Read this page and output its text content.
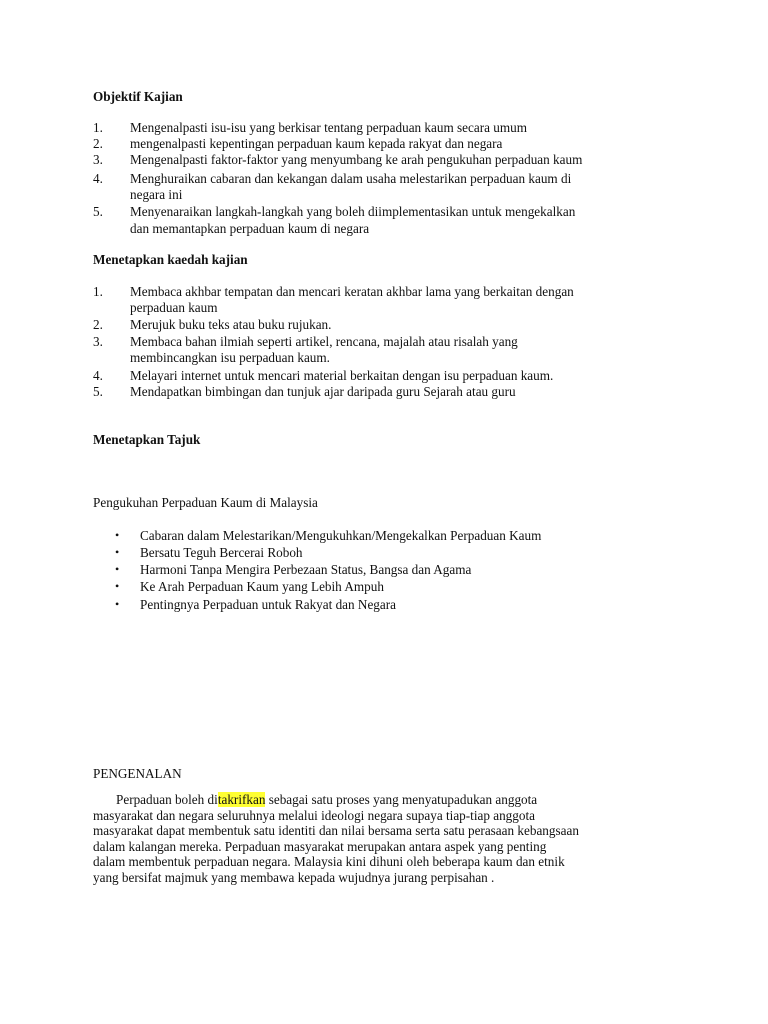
Objektif Kajian
1. Mengenalpasti isu-isu yang berkisar tentang perpaduan kaum secara umum
2. mengenalpasti kepentingan perpaduan kaum kepada rakyat dan negara
3. Mengenalpasti faktor-faktor yang menyumbang ke arah pengukuhan perpaduan kaum
4. Menghuraikan cabaran dan kekangan dalam usaha melestarikan perpaduan kaum di
negara ini
5. Menyenaraikan langkah-langkah yang boleh diimplementasikan untuk mengekalkan
dan memantapkan perpaduan kaum di negara
Menetapkan kaedah kajian
1. Membaca akhbar tempatan dan mencari keratan akhbar lama yang berkaitan dengan
perpaduan kaum
2. Merujuk buku teks atau buku rujukan.
3. Membaca bahan ilmiah seperti artikel, rencana, majalah atau risalah yang
membincangkan isu perpaduan kaum.
4. Melayari internet untuk mencari material berkaitan dengan isu perpaduan kaum.
5. Mendapatkan bimbingan dan tunjuk ajar daripada guru Sejarah atau guru
Menetapkan Tajuk
Pengukuhan Perpaduan Kaum di Malaysia
• Cabaran dalam Melestarikan/Mengukuhkan/Mengekalkan Perpaduan Kaum
• Bersatu Teguh Bercerai Roboh
• Harmoni Tanpa Mengira Perbezaan Status, Bangsa dan Agama
• Ke Arah Perpaduan Kaum yang Lebih Ampuh
• Pentingnya Perpaduan untuk Rakyat dan Negara
PENGENALAN
Perpaduan boleh ditakrifkan sebagai satu proses yang menyatupadukan anggota
masyarakat dan negara seluruhnya melalui ideologi negara supaya tiap-tiap anggota
masyarakat dapat membentuk satu identiti dan nilai bersama serta satu perasaan kebangsaan
dalam kalangan mereka. Perpaduan masyarakat merupakan antara aspek yang penting
dalam membentuk perpaduan negara. Malaysia kini dihuni oleh beberapa kaum dan etnik
yang bersifat majmuk yang membawa kepada wujudnya jurang perpisahan .
